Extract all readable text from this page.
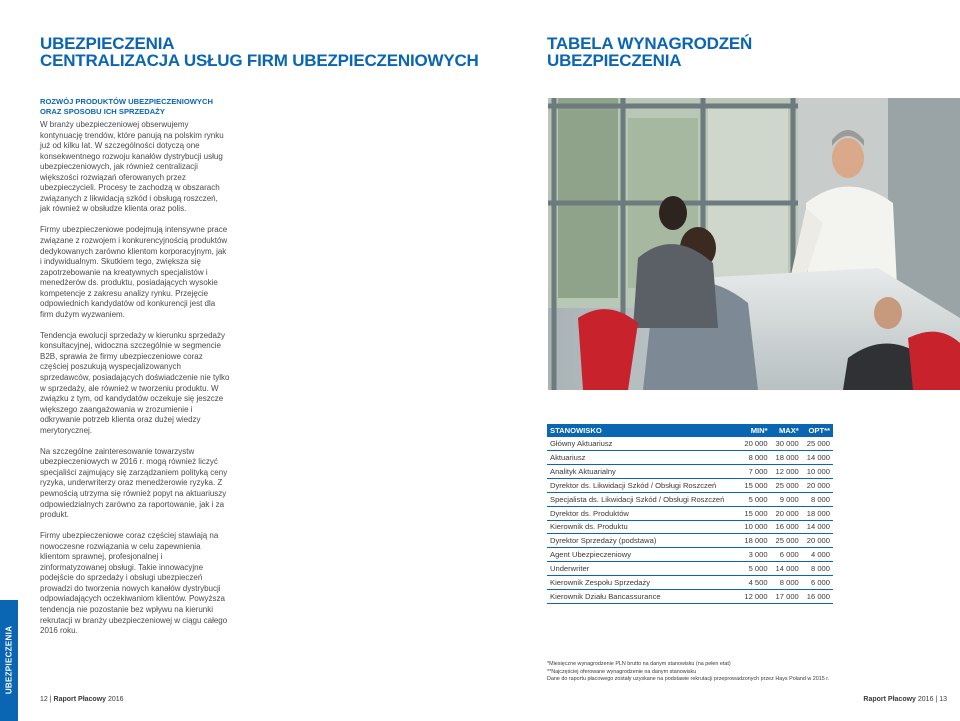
UBEZPIECZENIA
CENTRALIZACJA USŁUG FIRM UBEZPIECZENIOWYCH
TABELA WYNAGRODZEŃ
UBEZPIECZENIA
ROZWÓJ PRODUKTÓW UBEZPIECZENIOWYCH ORAZ SPOSOBU ICH SPRZEDAŻY

W branży ubezpieczeniowej obserwujemy kontynuację trendów, które panują na polskim rynku już od kilku lat. W szczególności dotyczą one konsekwentnego rozwoju kanałów dystrybucji usług ubezpieczeniowych, jak również centralizacji większości rozwiązań oferowanych przez ubezpieczycieli. Procesy te zachodzą w obszarach związanych z likwidacją szkód i obsługą roszczeń, jak również w obsłudze klienta oraz polis.

Firmy ubezpieczeniowe podejmują intensywne prace związane z rozwojem i konkurencyjnością produktów dedykowanych zarówno klientom korporacyjnym, jak i indywidualnym. Skutkiem tego, zwiększa się zapotrzebowanie na kreatywnych specjalistów i menedżerów ds. produktu, posiadających wysokie kompetencje z zakresu analizy rynku. Przejęcie odpowiednich kandydatów od konkurencji jest dla firm dużym wyzwaniem.

Tendencja ewolucji sprzedaży w kierunku sprzedaży konsultacyjnej, widoczna szczególnie w segmencie B2B, sprawia że firmy ubezpieczeniowe coraz częściej poszukują wyspecjalizowanych sprzedawców, posiadających doświadczenie nie tylko w sprzedaży, ale również w tworzeniu produktu. W związku z tym, od kandydatów oczekuje się jeszcze większego zaangażowania w zrozumienie i odkrywanie potrzeb klienta oraz dużej wiedzy merytorycznej.

Na szczególne zainteresowanie towarzystw ubezpieczeniowych w 2016 r. mogą również liczyć specjaliści zajmujący się zarządzaniem polityką ceny ryzyka, underwriterzy oraz menedżerowie ryzyka. Z pewnością utrzyma się również popyt na aktuariuszy odpowiedzialnych zarówno za raportowanie, jak i za produkt.

Firmy ubezpieczeniowe coraz częściej stawiają na nowoczesne rozwiązania w celu zapewnienia klientom sprawnej, profesjonalnej i zinformatyzowanej obsługi. Takie innowacyjne podejście do sprzedaży i obsługi ubezpieczeń prowadzi do tworzenia nowych kanałów dystrybucji odpowiadających oczekiwaniom klientów. Powyższa tendencja nie pozostanie bez wpływu na kierunki rekrutacji w branży ubezpieczeniowej w ciągu całego 2016 roku.

STANOWISKO	MIN*	MAX*	OPT**
Główny Aktuariusz	20 000	30 000	25 000
Aktuariusz	8 000	18 000	14 000
Analityk Aktuarialny	7 000	12 000	10 000
Dyrektor ds. Likwidacji Szkód / Obsługi Roszczeń	15 000	25 000	20 000
Specjalista ds. Likwidacji Szkód / Obsługi Roszczeń	5 000	9 000	8 000
Dyrektor ds. Produktów	15 000	20 000	18 000
Kierownik ds. Produktu	10 000	16 000	14 000
Dyrektor Sprzedaży (podstawa)	18 000	25 000	20 000
Agent Ubezpieczeniowy	3 000	6 000	4 000
Underwriter	5 000	14 000	8 000
Kierownik Zespołu Sprzedaży	4 500	8 000	6 000
Kierownik Działu Bancassurance	12 000	17 000	16 000
*Miesięczne wynagrodzenie PLN brutto na danym stanowisku (na pełen etat)
**Najczęściej oferowane wynagrodzenie na danym stanowisku
Dane do raportu płacowego zostały uzyskane na podstawie rekrutacji przeprowadzonych przez Hays Poland w 2015 r.
UBEZPIECZENIA
12 | Raport Płacowy 2016	Raport Płacowy 2016 | 13
